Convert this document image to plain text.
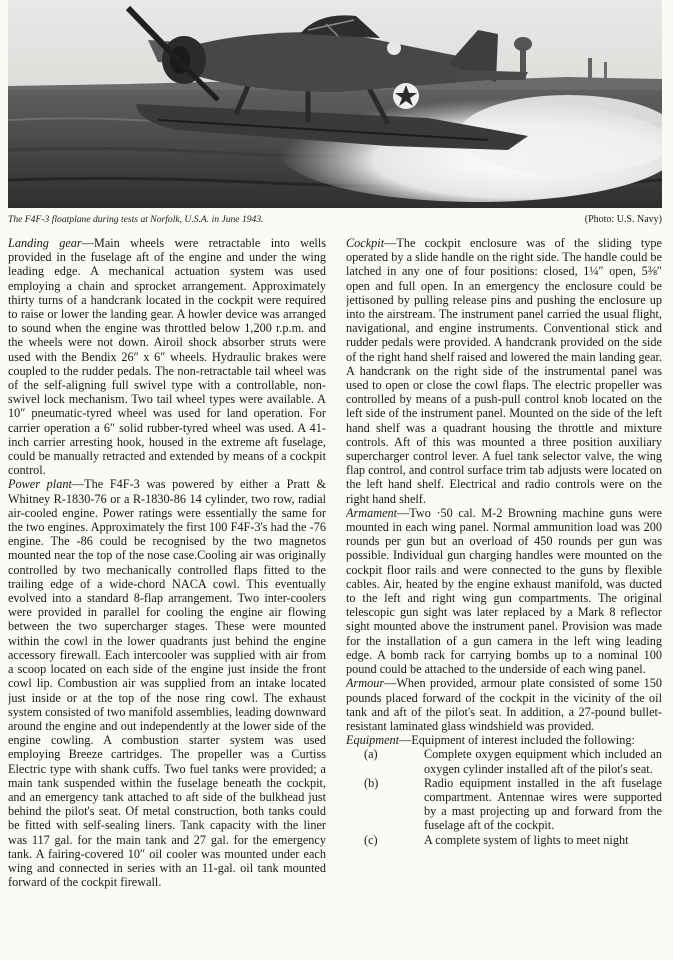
The F4F-3 floatplane during tests at Norfolk, U.S.A. in June 1943.	(Photo: U.S. Navy)

Landing gear—Main wheels were retractable into wells provided in the fuselage aft of the engine and under the wing leading edge. A mechanical actuation system was used employing a chain and sprocket arrangement. Approximately thirty turns of a handcrank located in the cockpit were required to raise or lower the landing gear. A howler device was arranged to sound when the engine was throttled below 1,200 r.p.m. and the wheels were not down. Airoil shock absorber struts were used with the Bendix 26″ x 6″ wheels. Hydraulic brakes were coupled to the rudder pedals. The non-retractable tail wheel was of the self-aligning full swivel type with a controllable, non-swivel lock mechanism. Two tail wheel types were available. A 10″ pneumatic-tyred wheel was used for land operation. For carrier operation a 6″ solid rubber-tyred wheel was used. A 41-inch carrier arresting hook, housed in the extreme aft fuselage, could be manually retracted and extended by means of a cockpit control.

Power plant—The F4F-3 was powered by either a Pratt & Whitney R-1830-76 or a R-1830-86 14 cylinder, two row, radial air-cooled engine. Power ratings were essentially the same for the two engines. Approximately the first 100 F4F-3's had the -76 engine. The -86 could be recognised by the two magnetos mounted near the top of the nose case.Cooling air was originally controlled by two mechanically controlled flaps fitted to the trailing edge of a wide-chord NACA cowl. This eventually evolved into a standard 8-flap arrangement. Two inter-coolers were provided in parallel for cooling the engine air flowing between the two supercharger stages. These were mounted within the cowl in the lower quadrants just behind the engine accessory firewall. Each intercooler was supplied with air from a scoop located on each side of the engine just inside the front cowl lip. Combustion air was supplied from an intake located just inside or at the top of the nose ring cowl. The exhaust system consisted of two manifold assemblies, leading downward around the engine and out independently at the lower side of the engine cowling. A combustion starter system was used employing Breeze cartridges. The propeller was a Curtiss Electric type with shank cuffs. Two fuel tanks were provided; a main tank suspended within the fuselage beneath the cockpit, and an emergency tank attached to aft side of the bulkhead just behind the pilot's seat. Of metal construction, both tanks could be fitted with self-sealing liners. Tank capacity with the liner was 117 gal. for the main tank and 27 gal. for the emergency tank. A fairing-covered 10″ oil cooler was mounted under each wing and connected in series with an 11-gal. oil tank mounted forward of the cockpit firewall.

Cockpit—The cockpit enclosure was of the sliding type operated by a slide handle on the right side. The handle could be latched in any one of four positions: closed, 1¼″ open, 5⅜″ open and full open. In an emergency the enclosure could be jettisoned by pulling release pins and pushing the enclosure up into the airstream. The instrument panel carried the usual flight, navigational, and engine instruments. Conventional stick and rudder pedals were provided. A handcrank provided on the side of the right hand shelf raised and lowered the main landing gear. A handcrank on the right side of the instrumental panel was used to open or close the cowl flaps. The electric propeller was controlled by means of a push-pull control knob located on the left side of the instrument panel. Mounted on the side of the left hand shelf was a quadrant housing the throttle and mixture controls. Aft of this was mounted a three position auxiliary supercharger control lever. A fuel tank selector valve, the wing flap control, and control surface trim tab adjusts were located on the left hand shelf. Electrical and radio controls were on the right hand shelf.

Armament—Two ·50 cal. M-2 Browning machine guns were mounted in each wing panel. Normal ammunition load was 200 rounds per gun but an overload of 450 rounds per gun was possible. Individual gun charging handles were mounted on the cockpit floor rails and were connected to the guns by flexible cables. Air, heated by the engine exhaust manifold, was ducted to the left and right wing gun compartments. The original telescopic gun sight was later replaced by a Mark 8 reflector sight mounted above the instrument panel. Provision was made for the installation of a gun camera in the left wing leading edge. A bomb rack for carrying bombs up to a nominal 100 pound could be attached to the underside of each wing panel.

Armour—When provided, armour plate consisted of some 150 pounds placed forward of the cockpit in the vicinity of the oil tank and aft of the pilot's seat. In addition, a 27-pound bullet-resistant laminated glass windshield was provided.

Equipment—Equipment of interest included the following:

(a)	Complete oxygen equipment which included an oxygen cylinder installed aft of the pilot's seat.
(b)	Radio equipment installed in the aft fuselage compartment. Antennae wires were supported by a mast projecting up and forward from the fuselage aft of the cockpit.
(c)	A complete system of lights to meet night
